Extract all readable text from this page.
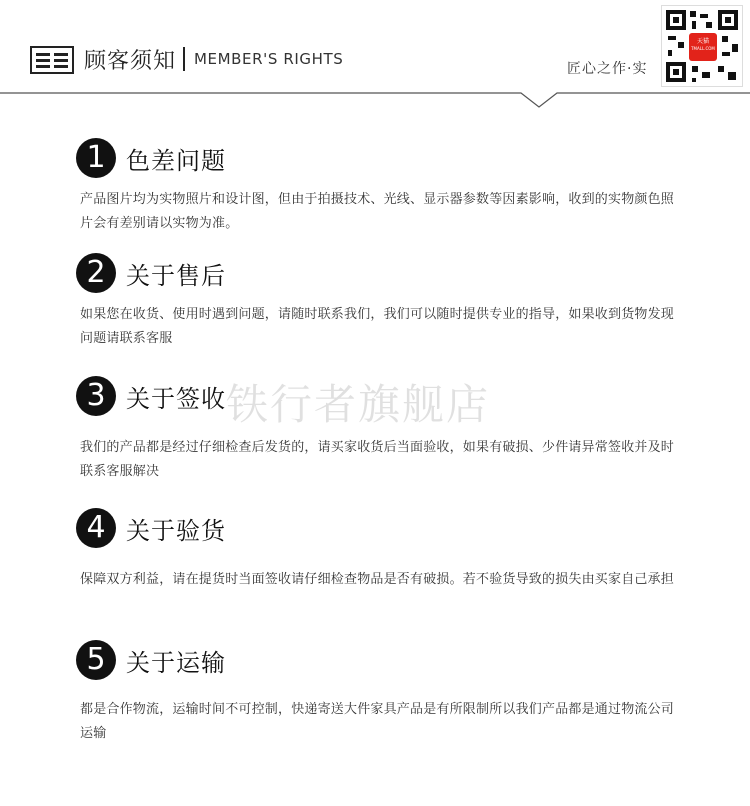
顾客须知 MEMBER'S RIGHTS
匠心之作·实
天猫
TMALL.COM
铁行者旗舰店
1 色差问题
产品图片均为实物照片和设计图，但由于拍摄技术、光线、显示器参数等因素影响，收到的实物颜色照片会有差别请以实物为准。
2 关于售后
如果您在收货、使用时遇到问题，请随时联系我们，我们可以随时提供专业的指导，如果收到货物发现问题请联系客服
3 关于签收
我们的产品都是经过仔细检查后发货的，请买家收货后当面验收，如果有破损、少件请异常签收并及时联系客服解决
4 关于验货
保障双方利益，请在提货时当面签收请仔细检查物品是否有破损。若不验货导致的损失由买家自己承担
5 关于运输
都是合作物流，运输时间不可控制，快递寄送大件家具产品是有所限制所以我们产品都是通过物流公司运输
